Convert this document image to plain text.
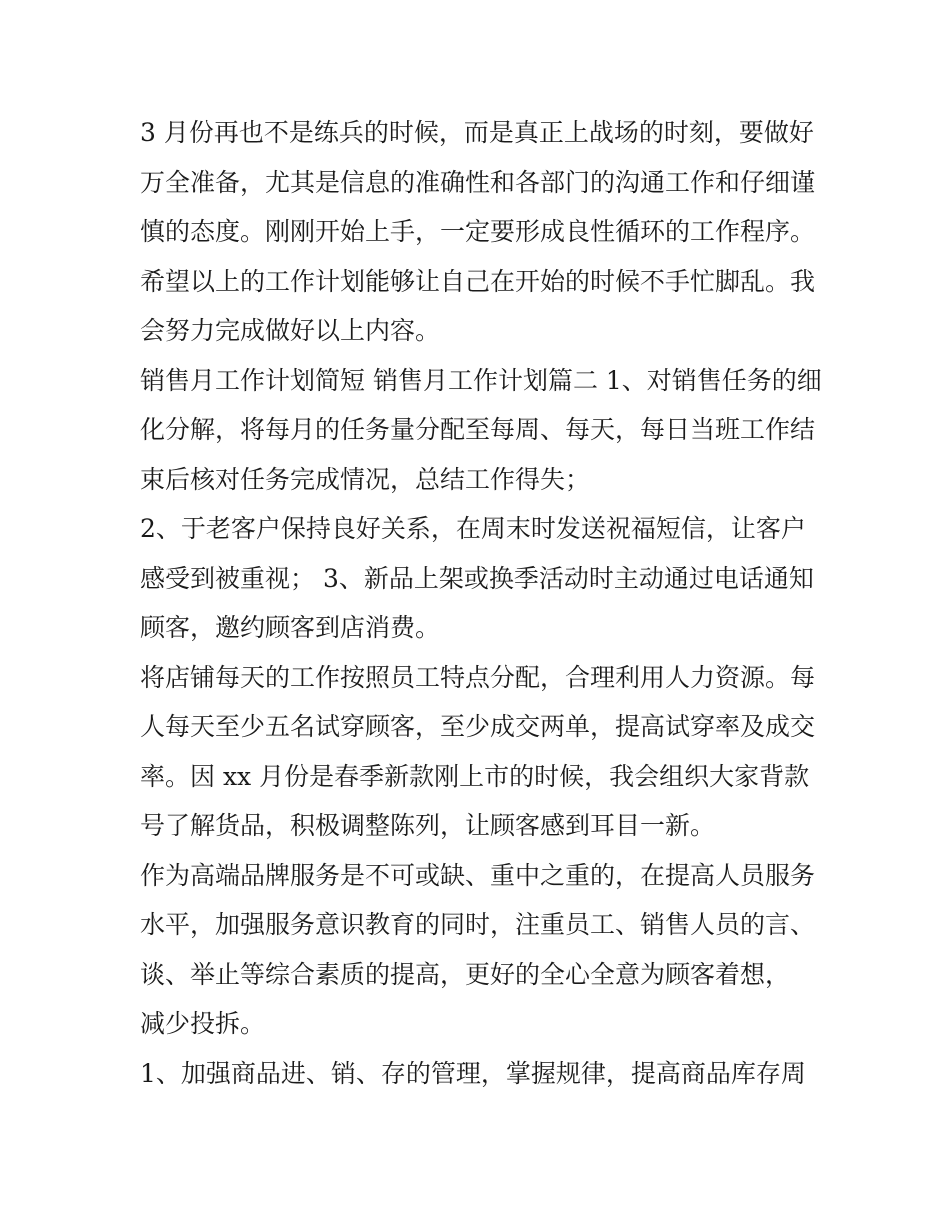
3 月份再也不是练兵的时候，而是真正上战场的时刻，要做好
万全准备，尤其是信息的准确性和各部门的沟通工作和仔细谨
慎的态度。刚刚开始上手，一定要形成良性循环的工作程序。
希望以上的工作计划能够让自己在开始的时候不手忙脚乱。我
会努力完成做好以上内容。
销售月工作计划简短 销售月工作计划篇二 1、对销售任务的细
化分解，将每月的任务量分配至每周、每天，每日当班工作结
束后核对任务完成情况，总结工作得失；
2、于老客户保持良好关系，在周末时发送祝福短信，让客户
感受到被重视； 3、新品上架或换季活动时主动通过电话通知
顾客，邀约顾客到店消费。
将店铺每天的工作按照员工特点分配，合理利用人力资源。每
人每天至少五名试穿顾客，至少成交两单，提高试穿率及成交
率。因 xx 月份是春季新款刚上市的时候，我会组织大家背款
号了解货品，积极调整陈列，让顾客感到耳目一新。
作为高端品牌服务是不可或缺、重中之重的，在提高人员服务
水平，加强服务意识教育的同时，注重员工、销售人员的言、
谈、举止等综合素质的提高，更好的全心全意为顾客着想，
减少投拆。
1、加强商品进、销、存的管理，掌握规律，提高商品库存周
